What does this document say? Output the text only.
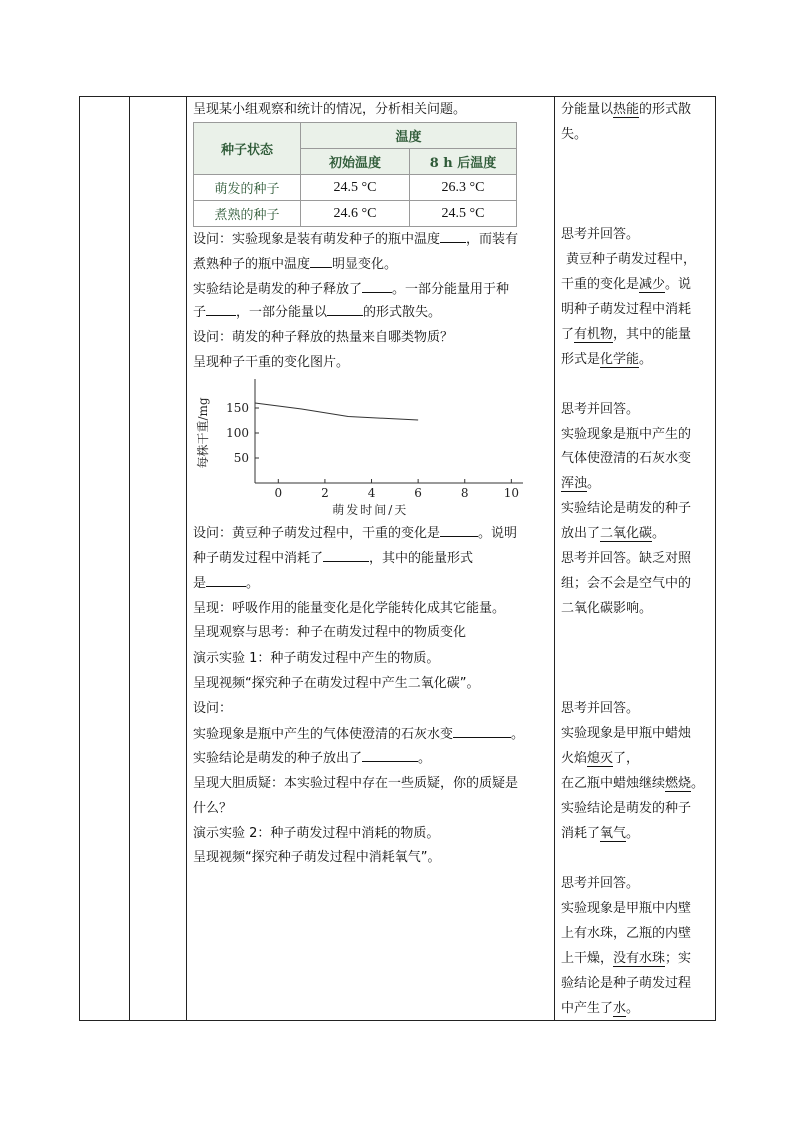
呈现某小组观察和统计的情况，分析相关问题。
种子状态	温度	
	初始温度	8 h 后温度
萌发的种子	24.5 °C	26.3 °C
煮熟的种子	24.6 °C	24.5 °C
设问：实验现象是装有萌发种子的瓶中温度 ，而装有
煮熟种子的瓶中温度 明显变化。
实验结论是萌发的种子释放了 。一部分能量用于种
子 ，一部分能量以	的形式散失。
设问：萌发的种子释放的热量来自哪类物质？
呈现种子干重的变化图片。
0	2	4	6	8	10
50
100
150
萌发时间/天
每株干重/mg
设问：黄豆种子萌发过程中，干重的变化是	。说明
种子萌发过程中消耗了	，其中的能量形式
是	。
呈现：呼吸作用的能量变化是化学能转化成其它能量。
呈现观察与思考：种子在萌发过程中的物质变化
演示实验 1：种子萌发过程中产生的物质。
呈现视频“探究种子在萌发过程中产生二氧化碳”。
设问：
实验现象是瓶中产生的气体使澄清的石灰水变	。
实验结论是萌发的种子放出了	。
呈现大胆质疑：本实验过程中存在一些质疑，你的质疑是
什么？
演示实验 2：种子萌发过程中消耗的物质。
呈现视频“探究种子萌发过程中消耗氧气”。
分能量以热能的形式散
失。
思考并回答。
黄豆种子萌发过程中，
干重的变化是减少。说
明种子萌发过程中消耗
了有机物，其中的能量
形式是化学能。
思考并回答。
实验现象是瓶中产生的
气体使澄清的石灰水变
浑浊。
实验结论是萌发的种子
放出了二氧化碳。
思考并回答。缺乏对照
组；会不会是空气中的
二氧化碳影响。
思考并回答。
实验现象是甲瓶中蜡烛
火焰熄灭了，
在乙瓶中蜡烛继续燃烧。
实验结论是萌发的种子
消耗了氧气。
思考并回答。
实验现象是甲瓶中内壁
上有水珠，乙瓶的内壁
上干燥，没有水珠；实
验结论是种子萌发过程
中产生了水。
